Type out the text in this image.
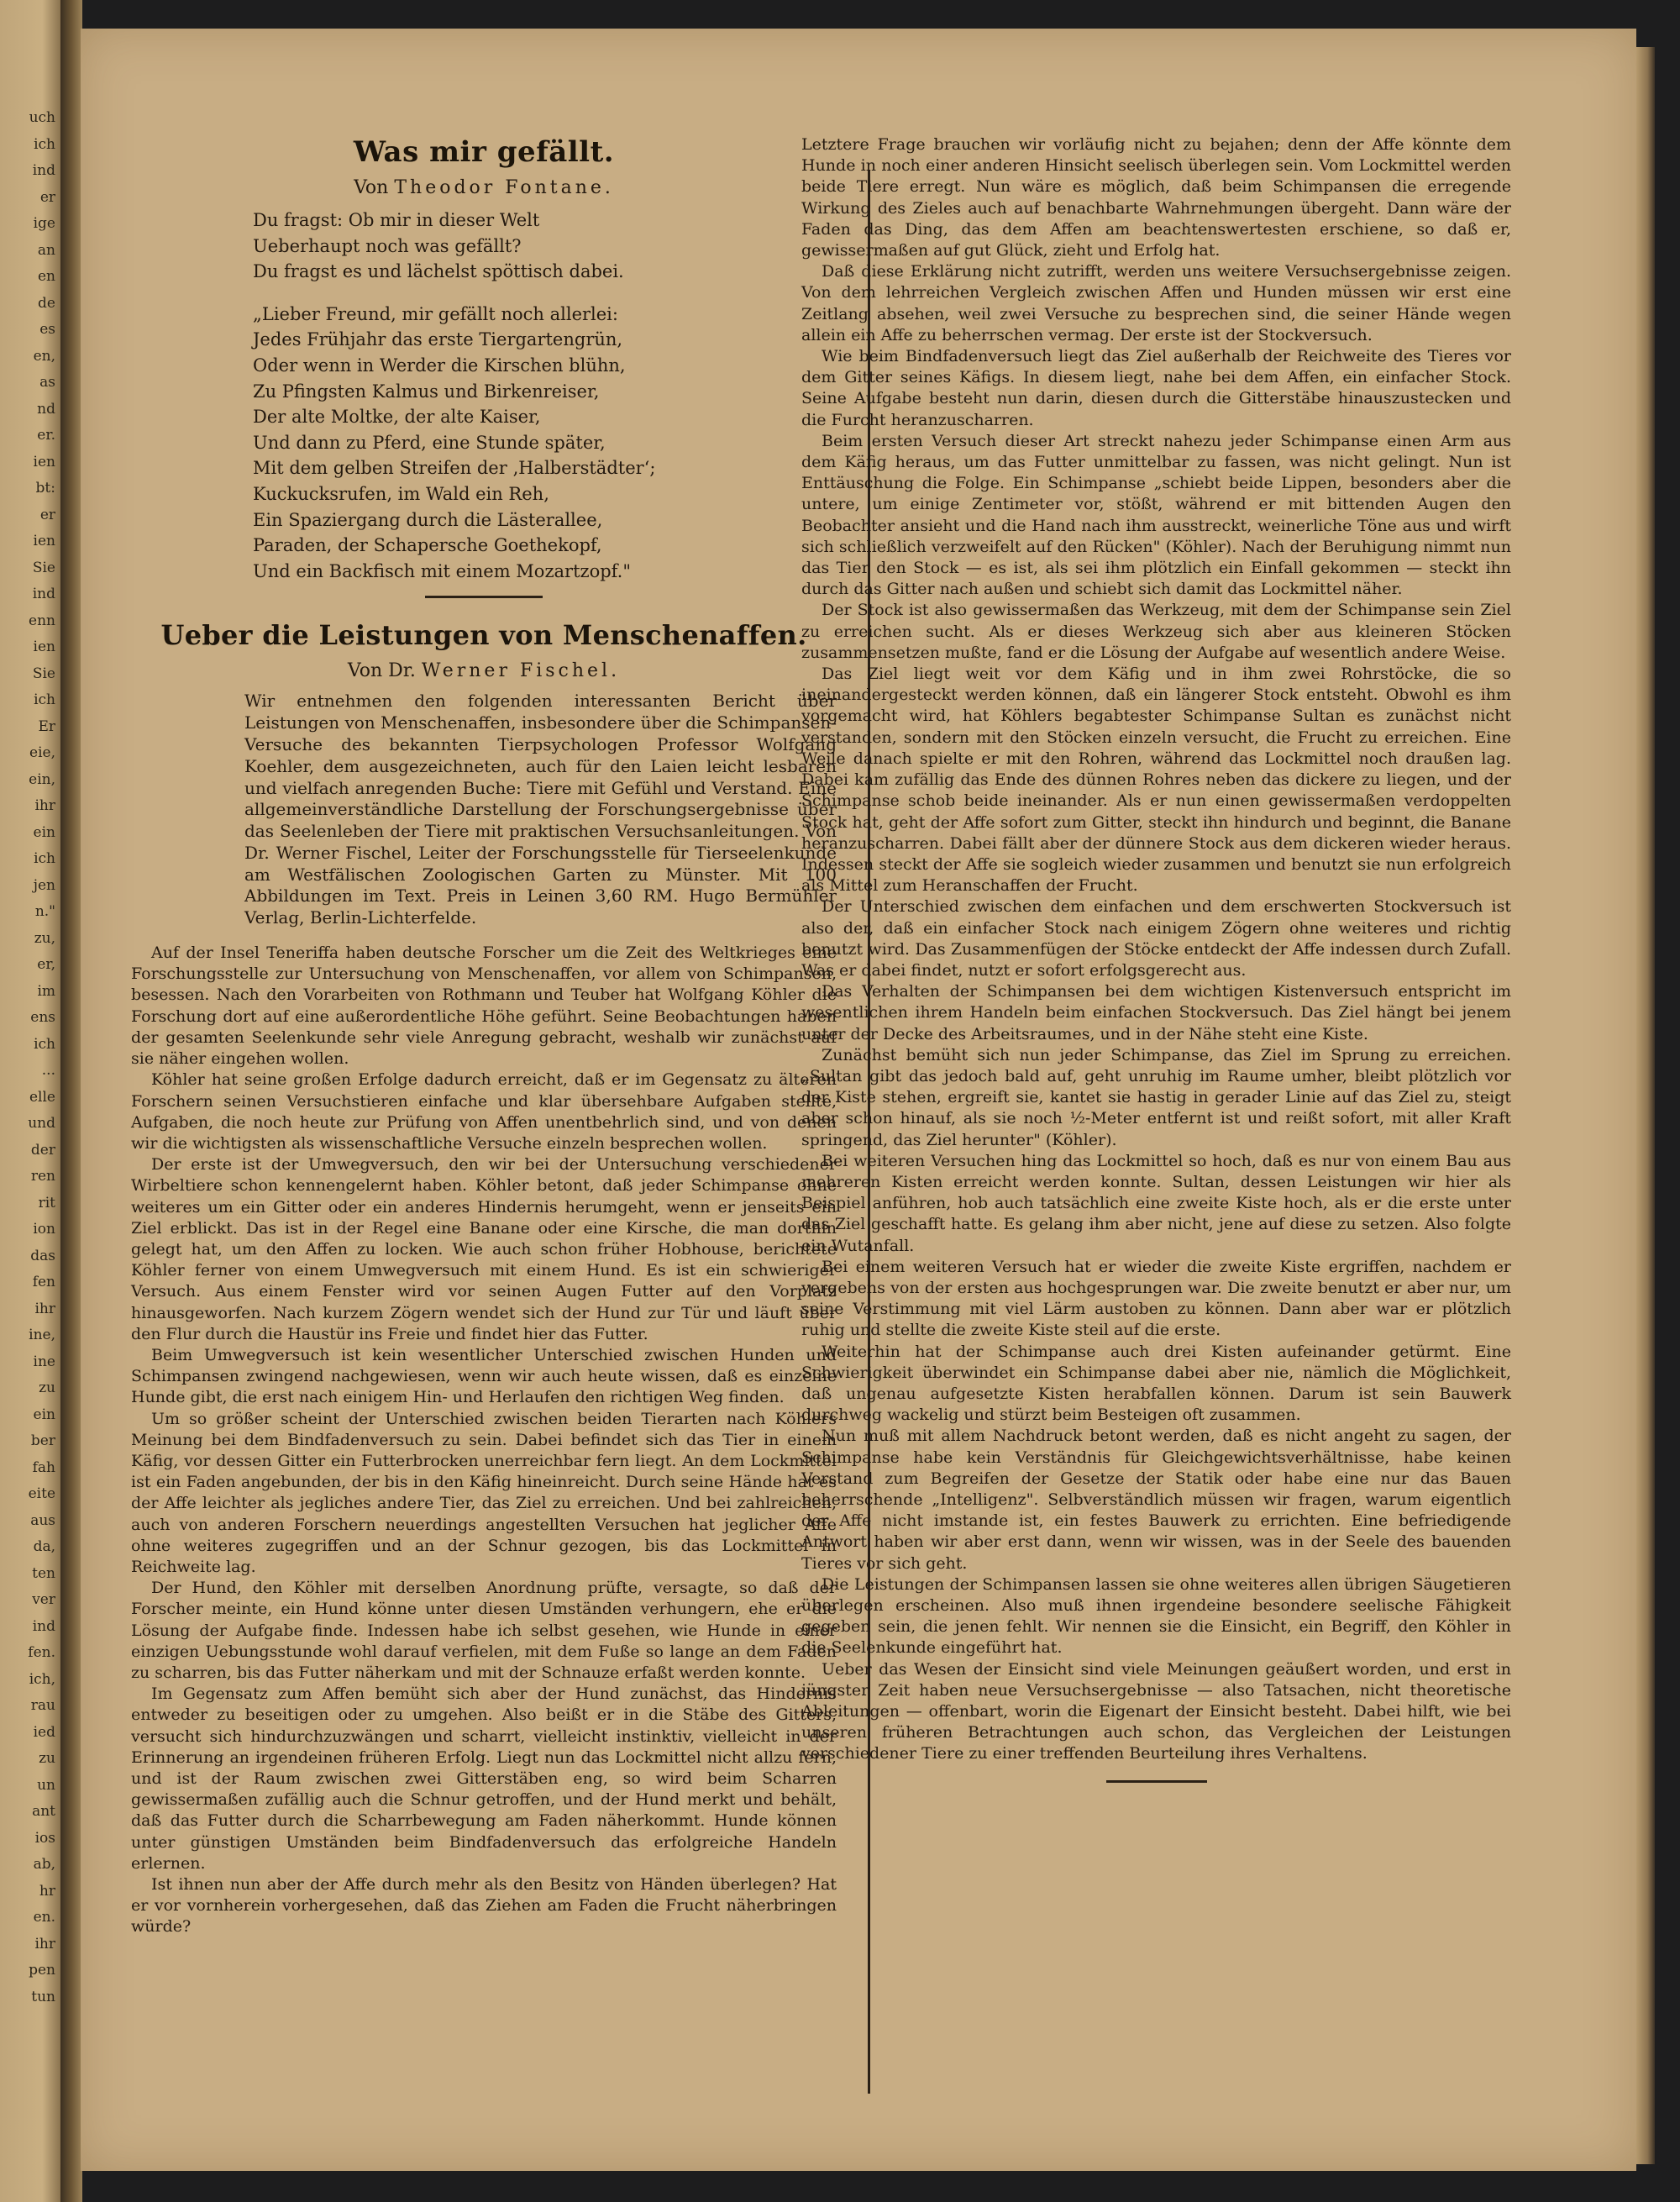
uch
ich
ind
er
ige
an
en
de
es
en,
as
nd
er.
ien
bt:
er
ien
Sie
ind
enn
ien
Sie
ich
Er
eie,
ein,
ihr
ein
ich
jen
n."
zu,
er,
im
ens
ich
...
elle
und
der
ren
rit
ion
das
fen
ihr
ine,
ine
zu
ein
ber
fah
eite
aus
da,
ten
ver
ind
fen.
ich,
rau
ied
zu
un
ant
ios
ab,
hr
en.
ihr
pen
tun
Was mir gefällt.
Von Theodor Fontane.
Du fragst: Ob mir in dieser Welt
Ueberhaupt noch was gefällt?
Du fragst es und lächelst spöttisch dabei.
„Lieber Freund, mir gefällt noch allerlei:
Jedes Frühjahr das erste Tiergartengrün,
Oder wenn in Werder die Kirschen blühn,
Zu Pfingsten Kalmus und Birkenreiser,
Der alte Moltke, der alte Kaiser,
Und dann zu Pferd, eine Stunde später,
Mit dem gelben Streifen der ‚Halberstädter‘;
Kuckucksrufen, im Wald ein Reh,
Ein Spaziergang durch die Lästerallee,
Paraden, der Schapersche Goethekopf,
Und ein Backfisch mit einem Mozartzopf."
Ueber die Leistungen von Menschenaffen.
Von Dr. Werner Fischel.
Wir entnehmen den folgenden interessanten Bericht über Leistungen von Menschenaffen, insbesondere über die Schimpansen-Versuche des bekannten Tierpsychologen Professor Wolfgang Koehler, dem ausgezeichneten, auch für den Laien leicht lesbaren und vielfach anregenden Buche: Tiere mit Gefühl und Verstand. Eine allgemeinverständliche Darstellung der Forschungsergebnisse über das Seelenleben der Tiere mit praktischen Versuchsanleitungen. Von Dr. Werner Fischel, Leiter der Forschungsstelle für Tierseelenkunde am Westfälischen Zoologischen Garten zu Münster. Mit 100 Abbildungen im Text. Preis in Leinen 3,60 RM. Hugo Bermühler Verlag, Berlin-Lichterfelde.

Auf der Insel Teneriffa haben deutsche Forscher um die Zeit des Weltkrieges eine Forschungsstelle zur Untersuchung von Menschenaffen, vor allem von Schimpansen, besessen. Nach den Vorarbeiten von Rothmann und Teuber hat Wolfgang Köhler die Forschung dort auf eine außerordentliche Höhe geführt. Seine Beobachtungen haben der gesamten Seelenkunde sehr viele Anregung gebracht, weshalb wir zunächst auf sie näher eingehen wollen.

Köhler hat seine großen Erfolge dadurch erreicht, daß er im Gegensatz zu älteren Forschern seinen Versuchstieren einfache und klar übersehbare Aufgaben stellte, Aufgaben, die noch heute zur Prüfung von Affen unentbehrlich sind, und von denen wir die wichtigsten als wissenschaftliche Versuche einzeln besprechen wollen.

Der erste ist der Umwegversuch, den wir bei der Untersuchung verschiedener Wirbeltiere schon kennengelernt haben. Köhler betont, daß jeder Schimpanse ohne weiteres um ein Gitter oder ein anderes Hindernis herumgeht, wenn er jenseits ein Ziel erblickt. Das ist in der Regel eine Banane oder eine Kirsche, die man dorthin gelegt hat, um den Affen zu locken. Wie auch schon früher Hobhouse, berichtete Köhler ferner von einem Umwegversuch mit einem Hund. Es ist ein schwieriger Versuch. Aus einem Fenster wird vor seinen Augen Futter auf den Vorplatz hinausgeworfen. Nach kurzem Zögern wendet sich der Hund zur Tür und läuft über den Flur durch die Haustür ins Freie und findet hier das Futter.

Beim Umwegversuch ist kein wesentlicher Unterschied zwischen Hunden und Schimpansen zwingend nachgewiesen, wenn wir auch heute wissen, daß es einzelne Hunde gibt, die erst nach einigem Hin- und Herlaufen den richtigen Weg finden.

Um so größer scheint der Unterschied zwischen beiden Tierarten nach Köhlers Meinung bei dem Bindfadenversuch zu sein. Dabei befindet sich das Tier in einem Käfig, vor dessen Gitter ein Futterbrocken unerreichbar fern liegt. An dem Lockmittel ist ein Faden angebunden, der bis in den Käfig hineinreicht. Durch seine Hände hat es der Affe leichter als jegliches andere Tier, das Ziel zu erreichen. Und bei zahlreichen, auch von anderen Forschern neuerdings angestellten Versuchen hat jeglicher Affe ohne weiteres zugegriffen und an der Schnur gezogen, bis das Lockmittel in Reichweite lag.

Der Hund, den Köhler mit derselben Anordnung prüfte, versagte, so daß der Forscher meinte, ein Hund könne unter diesen Umständen verhungern, ehe er die Lösung der Aufgabe finde. Indessen habe ich selbst gesehen, wie Hunde in einer einzigen Uebungsstunde wohl darauf verfielen, mit dem Fuße so lange an dem Faden zu scharren, bis das Futter näherkam und mit der Schnauze erfaßt werden konnte.

Im Gegensatz zum Affen bemüht sich aber der Hund zunächst, das Hindernis entweder zu beseitigen oder zu umgehen. Also beißt er in die Stäbe des Gitters, versucht sich hindurchzuzwängen und scharrt, vielleicht instinktiv, vielleicht in der Erinnerung an irgendeinen früheren Erfolg. Liegt nun das Lockmittel nicht allzu fern, und ist der Raum zwischen zwei Gitterstäben eng, so wird beim Scharren gewissermaßen zufällig auch die Schnur getroffen, und der Hund merkt und behält, daß das Futter durch die Scharrbewegung am Faden näherkommt. Hunde können unter günstigen Umständen beim Bindfadenversuch das erfolgreiche Handeln erlernen.

Ist ihnen nun aber der Affe durch mehr als den Besitz von Händen überlegen? Hat er vor vornherein vorhergesehen, daß das Ziehen am Faden die Frucht näherbringen würde?

Letztere Frage brauchen wir vorläufig nicht zu bejahen; denn der Affe könnte dem Hunde in noch einer anderen Hinsicht seelisch überlegen sein. Vom Lockmittel werden beide Tiere erregt. Nun wäre es möglich, daß beim Schimpansen die erregende Wirkung des Zieles auch auf benachbarte Wahrnehmungen übergeht. Dann wäre der Faden das Ding, das dem Affen am beachtenswertesten erschiene, so daß er, gewissermaßen auf gut Glück, zieht und Erfolg hat.

Daß diese Erklärung nicht zutrifft, werden uns weitere Versuchsergebnisse zeigen. Von dem lehrreichen Vergleich zwischen Affen und Hunden müssen wir erst eine Zeitlang absehen, weil zwei Versuche zu besprechen sind, die seiner Hände wegen allein ein Affe zu beherrschen vermag. Der erste ist der Stockversuch.

Wie beim Bindfadenversuch liegt das Ziel außerhalb der Reichweite des Tieres vor dem Gitter seines Käfigs. In diesem liegt, nahe bei dem Affen, ein einfacher Stock. Seine Aufgabe besteht nun darin, diesen durch die Gitterstäbe hinauszustecken und die Furcht heranzuscharren.

Beim ersten Versuch dieser Art streckt nahezu jeder Schimpanse einen Arm aus dem Käfig heraus, um das Futter unmittelbar zu fassen, was nicht gelingt. Nun ist Enttäuschung die Folge. Ein Schimpanse „schiebt beide Lippen, besonders aber die untere, um einige Zentimeter vor, stößt, während er mit bittenden Augen den Beobachter ansieht und die Hand nach ihm ausstreckt, weinerliche Töne aus und wirft sich schließlich verzweifelt auf den Rücken" (Köhler). Nach der Beruhigung nimmt nun das Tier den Stock — es ist, als sei ihm plötzlich ein Einfall gekommen — steckt ihn durch das Gitter nach außen und schiebt sich damit das Lockmittel näher.

Der Stock ist also gewissermaßen das Werkzeug, mit dem der Schimpanse sein Ziel zu erreichen sucht. Als er dieses Werkzeug sich aber aus kleineren Stöcken zusammensetzen mußte, fand er die Lösung der Aufgabe auf wesentlich andere Weise.

Das Ziel liegt weit vor dem Käfig und in ihm zwei Rohrstöcke, die so ineinandergesteckt werden können, daß ein längerer Stock entsteht. Obwohl es ihm vorgemacht wird, hat Köhlers begabtester Schimpanse Sultan es zunächst nicht verstanden, sondern mit den Stöcken einzeln versucht, die Frucht zu erreichen. Eine Weile danach spielte er mit den Rohren, während das Lockmittel noch draußen lag. Dabei kam zufällig das Ende des dünnen Rohres neben das dickere zu liegen, und der Schimpanse schob beide ineinander. Als er nun einen gewissermaßen verdoppelten Stock hat, geht der Affe sofort zum Gitter, steckt ihn hindurch und beginnt, die Banane heranzuscharren. Dabei fällt aber der dünnere Stock aus dem dickeren wieder heraus. Indessen steckt der Affe sie sogleich wieder zusammen und benutzt sie nun erfolgreich als Mittel zum Heranschaffen der Frucht.

Der Unterschied zwischen dem einfachen und dem erschwerten Stockversuch ist also der, daß ein einfacher Stock nach einigem Zögern ohne weiteres und richtig benutzt wird. Das Zusammenfügen der Stöcke entdeckt der Affe indessen durch Zufall. Was er dabei findet, nutzt er sofort erfolgsgerecht aus.

Das Verhalten der Schimpansen bei dem wichtigen Kistenversuch entspricht im wesentlichen ihrem Handeln beim einfachen Stockversuch. Das Ziel hängt bei jenem unter der Decke des Arbeitsraumes, und in der Nähe steht eine Kiste.

Zunächst bemüht sich nun jeder Schimpanse, das Ziel im Sprung zu erreichen. „Sultan gibt das jedoch bald auf, geht unruhig im Raume umher, bleibt plötzlich vor der Kiste stehen, ergreift sie, kantet sie hastig in gerader Linie auf das Ziel zu, steigt aber schon hinauf, als sie noch ½-Meter entfernt ist und reißt sofort, mit aller Kraft springend, das Ziel herunter" (Köhler).

Bei weiteren Versuchen hing das Lockmittel so hoch, daß es nur von einem Bau aus mehreren Kisten erreicht werden konnte. Sultan, dessen Leistungen wir hier als Beispiel anführen, hob auch tatsächlich eine zweite Kiste hoch, als er die erste unter das Ziel geschafft hatte. Es gelang ihm aber nicht, jene auf diese zu setzen. Also folgte ein Wutanfall.

Bei einem weiteren Versuch hat er wieder die zweite Kiste ergriffen, nachdem er vergebens von der ersten aus hochgesprungen war. Die zweite benutzt er aber nur, um seine Verstimmung mit viel Lärm austoben zu können. Dann aber war er plötzlich ruhig und stellte die zweite Kiste steil auf die erste.

Weiterhin hat der Schimpanse auch drei Kisten aufeinander getürmt. Eine Schwierigkeit überwindet ein Schimpanse dabei aber nie, nämlich die Möglichkeit, daß ungenau aufgesetzte Kisten herabfallen können. Darum ist sein Bauwerk durchweg wackelig und stürzt beim Besteigen oft zusammen.

Nun muß mit allem Nachdruck betont werden, daß es nicht angeht zu sagen, der Schimpanse habe kein Verständnis für Gleichgewichtsverhältnisse, habe keinen Verstand zum Begreifen der Gesetze der Statik oder habe eine nur das Bauen beherrschende „Intelligenz". Selbverständlich müssen wir fragen, warum eigentlich der Affe nicht imstande ist, ein festes Bauwerk zu errichten. Eine befriedigende Antwort haben wir aber erst dann, wenn wir wissen, was in der Seele des bauenden Tieres vor sich geht.

Die Leistungen der Schimpansen lassen sie ohne weiteres allen übrigen Säugetieren überlegen erscheinen. Also muß ihnen irgendeine besondere seelische Fähigkeit gegeben sein, die jenen fehlt. Wir nennen sie die Einsicht, ein Begriff, den Köhler in die Seelenkunde eingeführt hat.

Ueber das Wesen der Einsicht sind viele Meinungen geäußert worden, und erst in jüngster Zeit haben neue Versuchsergebnisse — also Tatsachen, nicht theoretische Ableitungen — offenbart, worin die Eigenart der Einsicht besteht. Dabei hilft, wie bei unseren früheren Betrachtungen auch schon, das Vergleichen der Leistungen verschiedener Tiere zu einer treffenden Beurteilung ihres Verhaltens.
